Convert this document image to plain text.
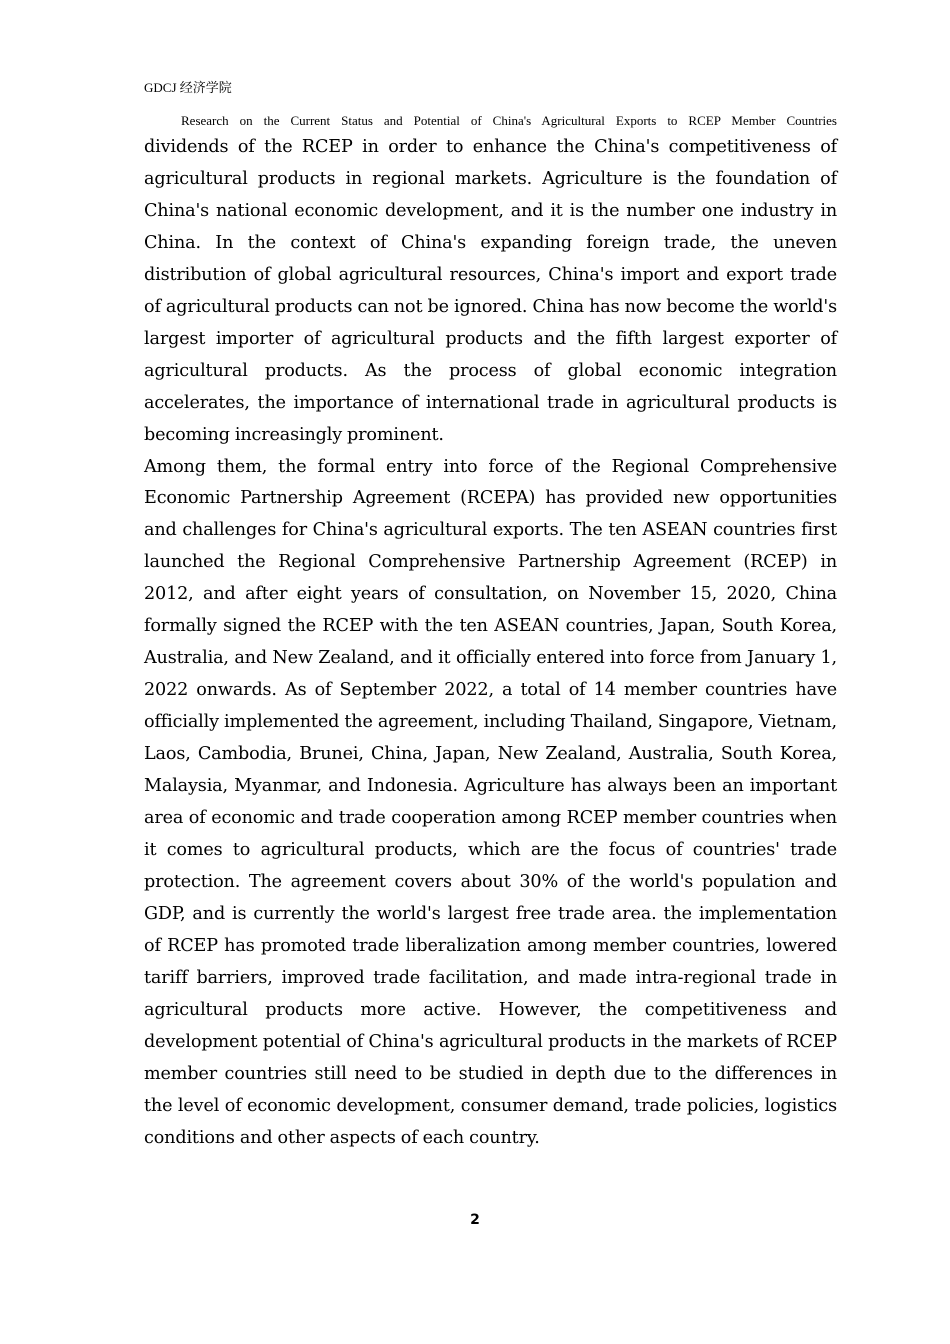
GDCJ 经济学院
Research on the Current Status and Potential of China's Agricultural Exports to RCEP Member Countries

dividends of the RCEP in order to enhance the China's competitiveness of agricultural products in regional markets. Agriculture is the foundation of China's national economic development, and it is the number one industry in China. In the context of China's expanding foreign trade, the uneven distribution of global agricultural resources, China's import and export trade of agricultural products can not be ignored. China has now become the world's largest importer of agricultural products and the fifth largest exporter of agricultural products. As the process of global economic integration accelerates, the importance of international trade in agricultural products is becoming increasingly prominent.

Among them, the formal entry into force of the Regional Comprehensive Economic Partnership Agreement (RCEPA) has provided new opportunities and challenges for China's agricultural exports. The ten ASEAN countries first launched the Regional Comprehensive Partnership Agreement (RCEP) in 2012, and after eight years of consultation, on November 15, 2020, China formally signed the RCEP with the ten ASEAN countries, Japan, South Korea, Australia, and New Zealand, and it officially entered into force from January 1, 2022 onwards. As of September 2022, a total of 14 member countries have officially implemented the agreement, including Thailand, Singapore, Vietnam, Laos, Cambodia, Brunei, China, Japan, New Zealand, Australia, South Korea, Malaysia, Myanmar, and Indonesia. Agriculture has always been an important area of economic and trade cooperation among RCEP member countries when it comes to agricultural products, which are the focus of countries' trade protection. The agreement covers about 30% of the world's population and GDP, and is currently the world's largest free trade area. the implementation of RCEP has promoted trade liberalization among member countries, lowered tariff barriers, improved trade facilitation, and made intra-regional trade in agricultural products more active. However, the competitiveness and development potential of China's agricultural products in the markets of RCEP member countries still need to be studied in depth due to the differences in the level of economic development, consumer demand, trade policies, logistics conditions and other aspects of each country.

2
